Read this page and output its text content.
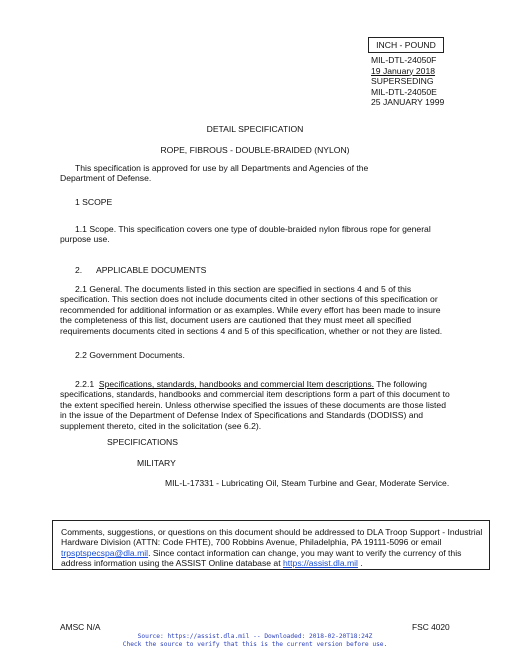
INCH - POUND
MIL-DTL-24050F
19 January 2018
SUPERSEDING
MIL-DTL-24050E
25 JANUARY 1999
DETAIL SPECIFICATION
ROPE, FIBROUS - DOUBLE-BRAIDED (NYLON)
This specification is approved for use by all Departments and Agencies of the Department of Defense.
1 SCOPE
1.1 Scope. This specification covers one type of double-braided nylon fibrous rope for general purpose use.
2.      APPLICABLE DOCUMENTS
2.1 General. The documents listed in this section are specified in sections 4 and 5 of this specification. This section does not include documents cited in other sections of this specification or recommended for additional information or as examples. While every effort has been made to insure the completeness of this list, document users are cautioned that they must meet all specified requirements documents cited in sections 4 and 5 of this specification, whether or not they are listed.
2.2 Government Documents.
2.2.1  Specifications, standards, handbooks and commercial Item descriptions. The following specifications, standards, handbooks and commercial item descriptions form a part of this document to the extent specified herein. Unless otherwise specified the issues of these documents are those listed in the issue of the Department of Defense Index of Specifications and Standards (DODISS) and supplement thereto, cited in the solicitation (see 6.2).
SPECIFICATIONS
MILITARY
MIL-L-17331 - Lubricating Oil, Steam Turbine and Gear, Moderate Service.
Comments, suggestions, or questions on this document should be addressed to DLA Troop Support - Industrial Hardware Division (ATTN: Code FHTE), 700 Robbins Avenue, Philadelphia, PA 19111-5096 or email trpsptspecspa@dla.mil. Since contact information can change, you may want to verify the currency of this address information using the ASSIST Online database at https://assist.dla.mil .
AMSC N/A	FSC 4020
Source: https://assist.dla.mil -- Downloaded: 2018-02-20T18:24Z
Check the source to verify that this is the current version before use.
